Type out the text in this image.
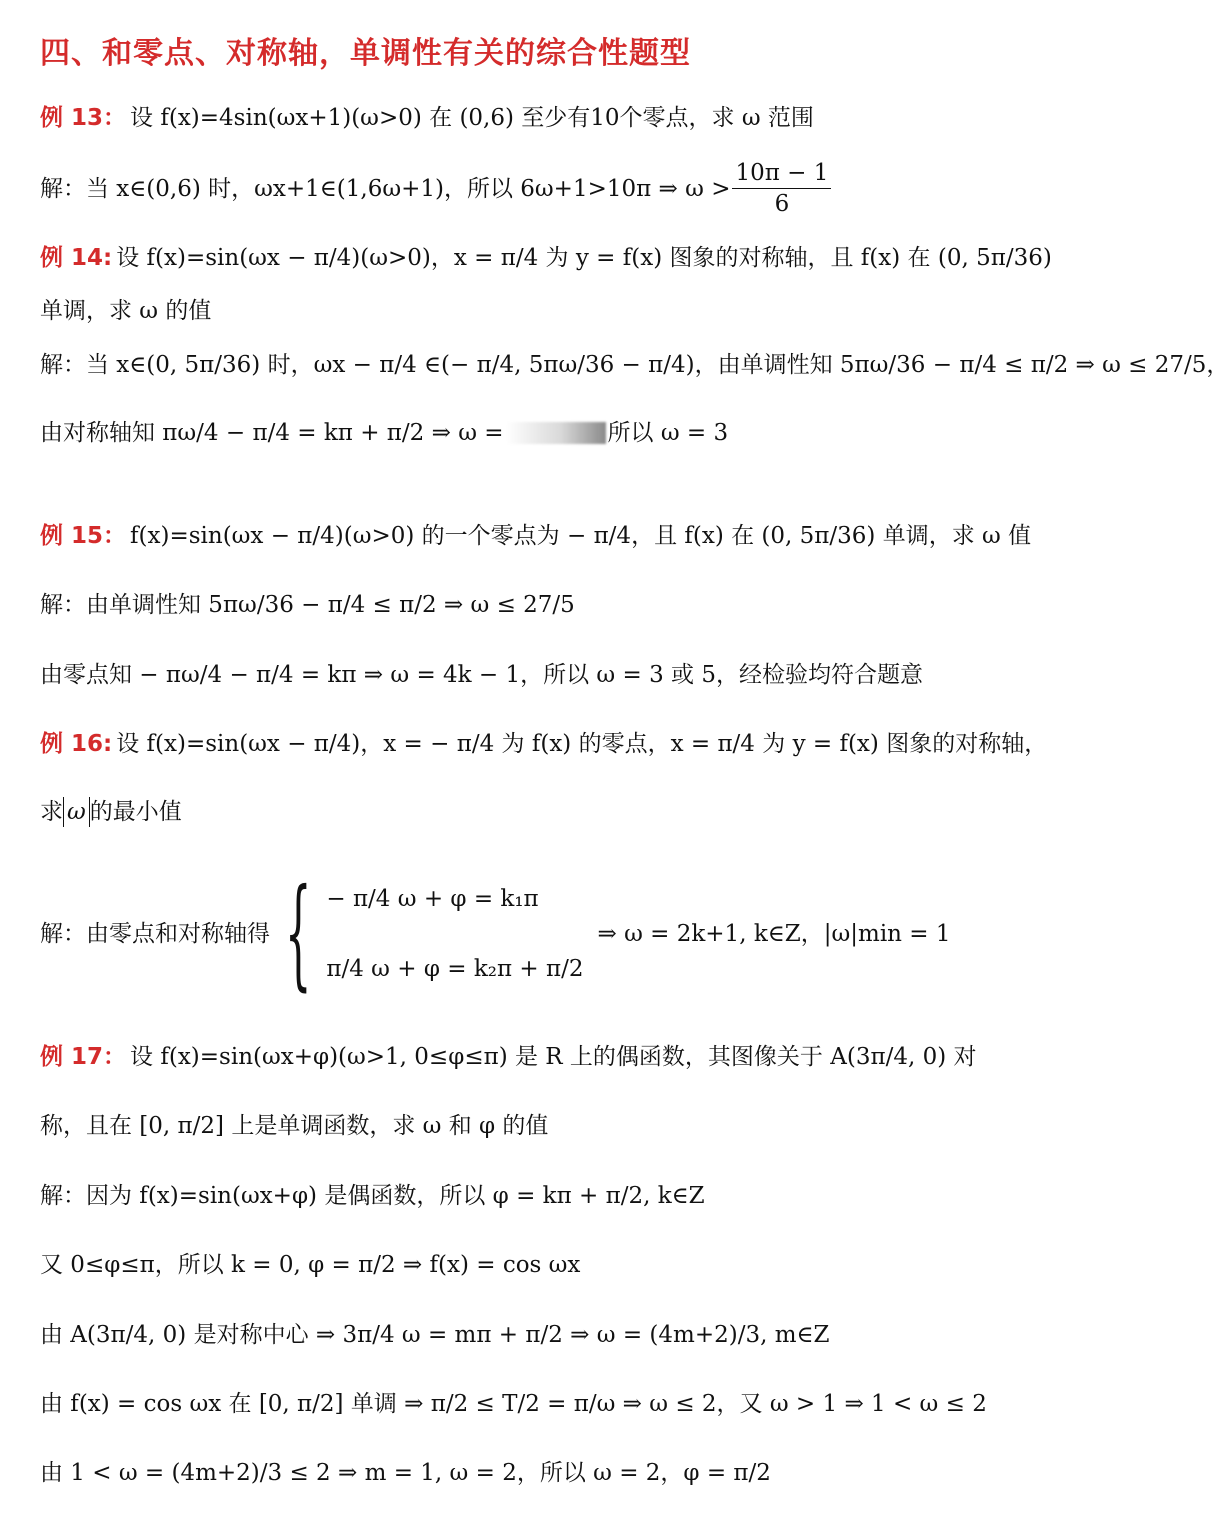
四、和零点、对称轴，单调性有关的综合性题型
例 13： 设 f(x)=4sin(ωx+1)(ω>0) 在 (0,6) 至少有10个零点，求 ω 范围
解：当 x∈(0,6) 时，ωx+1∈(1,6ω+1)，所以 6ω+1>10π ⇒ $\omega > \frac{10\pi - 1}{6}$
例 14: 设 f(x)=sin(ωx − π/4)(ω>0)，x = π/4 为 y = f(x) 图象的对称轴，且 f(x) 在 (0, 5π/36)
单调，求 ω 的值
解：当 x∈(0, 5π/36) 时，ωx − π/4 ∈(− π/4, 5πω/36 − π/4)，由单调性知 5πω/36 − π/4 ≤ π/2 ⇒ ω ≤ 27/5，
由对称轴知 πω/4 − π/4 = kπ + π/2 ⇒ ω =	所以 ω = 3
例 15： f(x)=sin(ωx − π/4)(ω>0) 的一个零点为 − π/4，且 f(x) 在 (0, 5π/36) 单调，求 ω 值
解：由单调性知 5πω/36 − π/4 ≤ π/2 ⇒ ω ≤ 27/5
由零点知 − πω/4 − π/4 = kπ ⇒ ω = 4k − 1，所以 ω = 3 或 5，经检验均符合题意
例 16: 设 f(x)=sin(ωx − π/4)，x = − π/4 为 f(x) 的零点，x = π/4 为 y = f(x) 图象的对称轴，
求 ω 的最小值
解：由零点和对称轴得 { − π/4 ω + φ = k₁π
π/4 ω + φ = k₂π + π/2
⇒ ω = 2k+1, k∈Z，|ω|min = 1
例 17： 设 f(x)=sin(ωx+φ)(ω>1, 0≤φ≤π) 是 R 上的偶函数，其图像关于 A(3π/4, 0) 对
称，且在 [0, π/2] 上是单调函数，求 ω 和 φ 的值
解：因为 f(x)=sin(ωx+φ) 是偶函数，所以 φ = kπ + π/2, k∈Z
又 0≤φ≤π，所以 k = 0, φ = π/2 ⇒ f(x) = cos ωx
由 A(3π/4, 0) 是对称中心 ⇒ 3π/4 ω = mπ + π/2 ⇒ ω = (4m+2)/3, m∈Z
由 f(x) = cos ωx 在 [0, π/2] 单调 ⇒ π/2 ≤ T/2 = π/ω ⇒ ω ≤ 2，又 ω > 1 ⇒ 1 < ω ≤ 2
由 1 < ω = (4m+2)/3 ≤ 2 ⇒ m = 1, ω = 2，所以 ω = 2，φ = π/2
